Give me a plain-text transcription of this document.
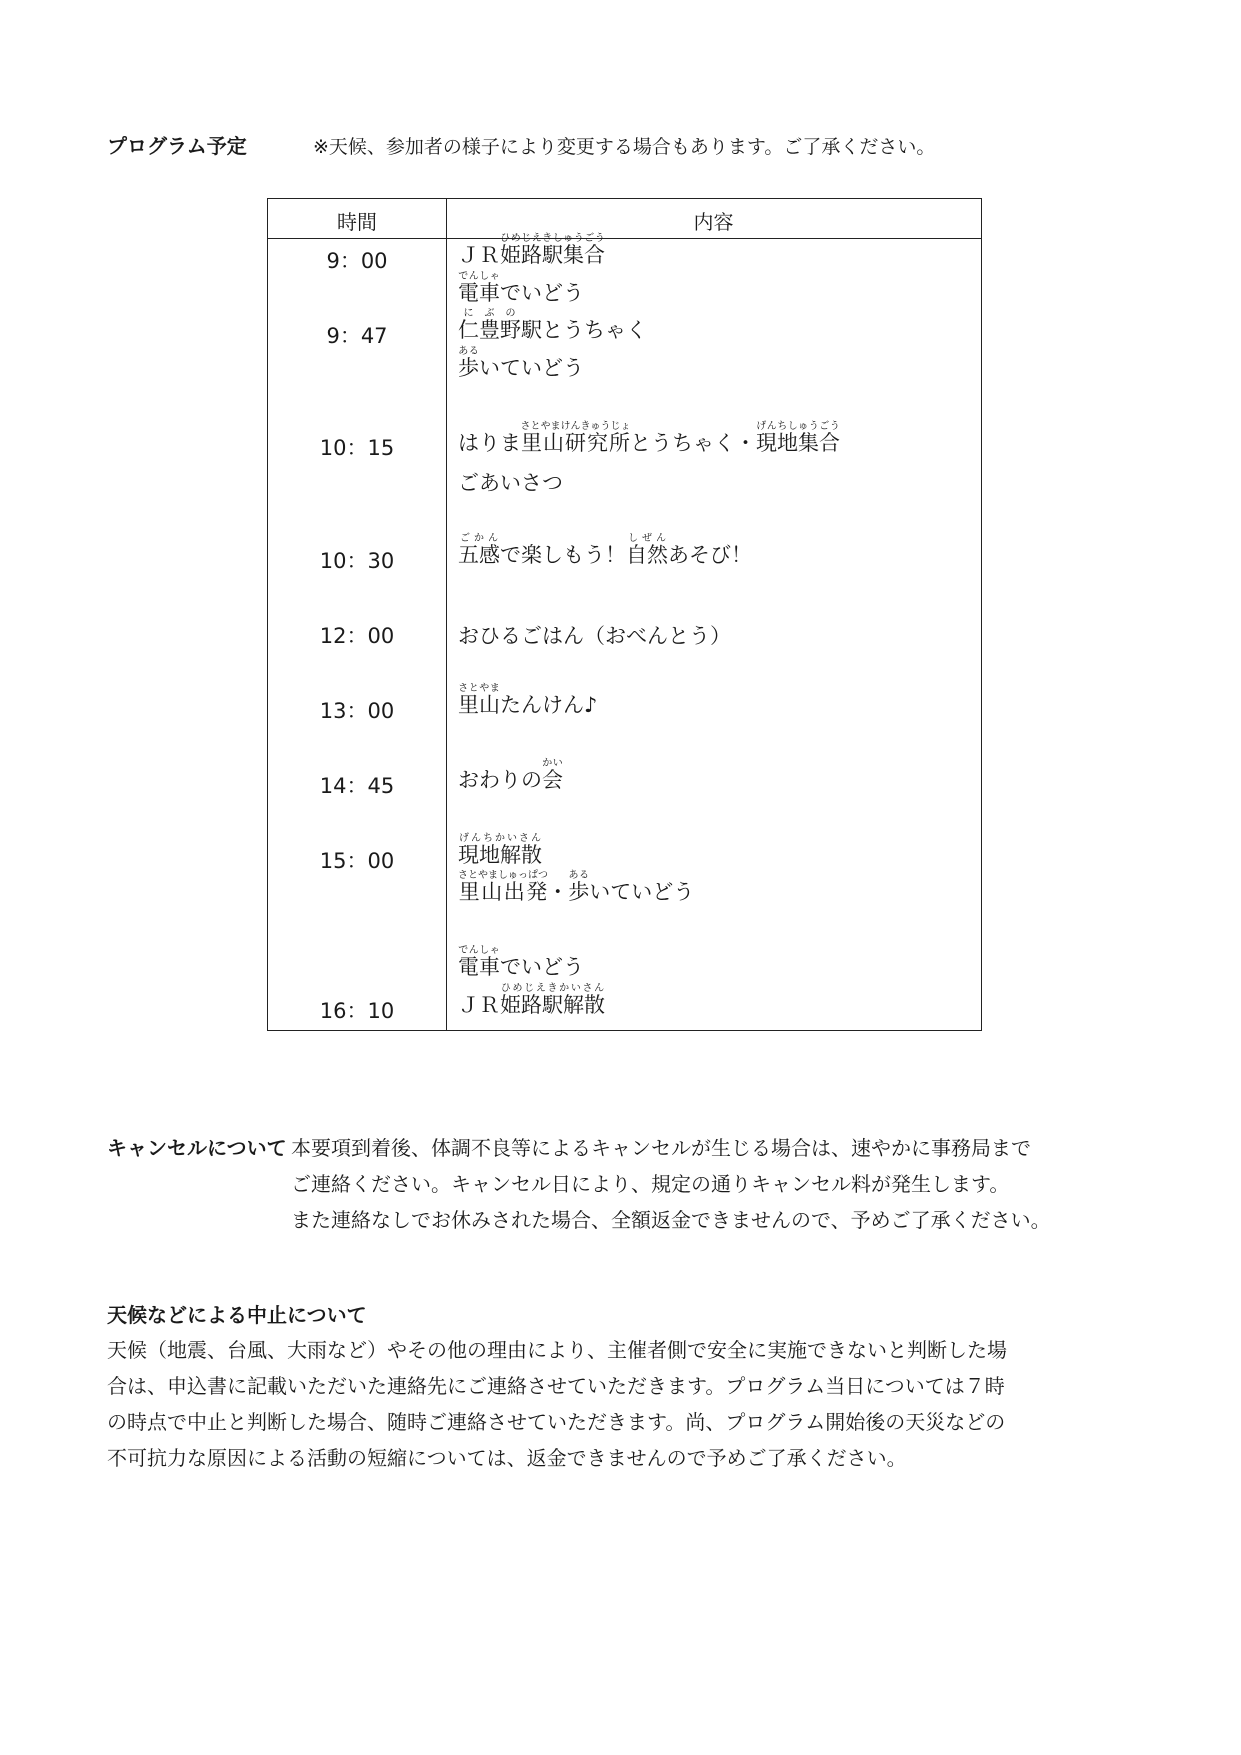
プログラム予定	※天候、参加者の様子により変更する場合もあります。ご了承ください。
時間	内容
9：00
9：47
10：15
10：30
12：00
13：00
14：45
15：00
16：10
ＪＲ姫路駅集合ひめじえきしゅうごう
電車でんしゃでいどう
仁豊野にぶの駅とうちゃく
歩あるいていどう
はりま里山研究所さとやまけんきゅうじょとうちゃく・現地集合げんちしゅうごう
ごあいさつ
五感ごかんで楽しもう！自然しぜんあそび！
おひるごはん（おべんとう）
里山さとやまたんけん♪
おわりの会かい
現地解散げんちかいさん
里山出発さとやましゅっぱつ・歩あるいていどう
電車でんしゃでいどう
ＪＲ姫路駅解散ひめじえきかいさん
キャンセルについて 本要項到着後、体調不良等によるキャンセルが生じる場合は、速やかに事務局まで
ご連絡ください。キャンセル日により、規定の通りキャンセル料が発生します。
また連絡なしでお休みされた場合、全額返金できませんので、予めご了承ください。
天候などによる中止について
天候（地震、台風、大雨など）やその他の理由により、主催者側で安全に実施できないと判断した場
合は、申込書に記載いただいた連絡先にご連絡させていただきます。プログラム当日については７時
の時点で中止と判断した場合、随時ご連絡させていただきます。尚、プログラム開始後の天災などの
不可抗力な原因による活動の短縮については、返金できませんので予めご了承ください。
